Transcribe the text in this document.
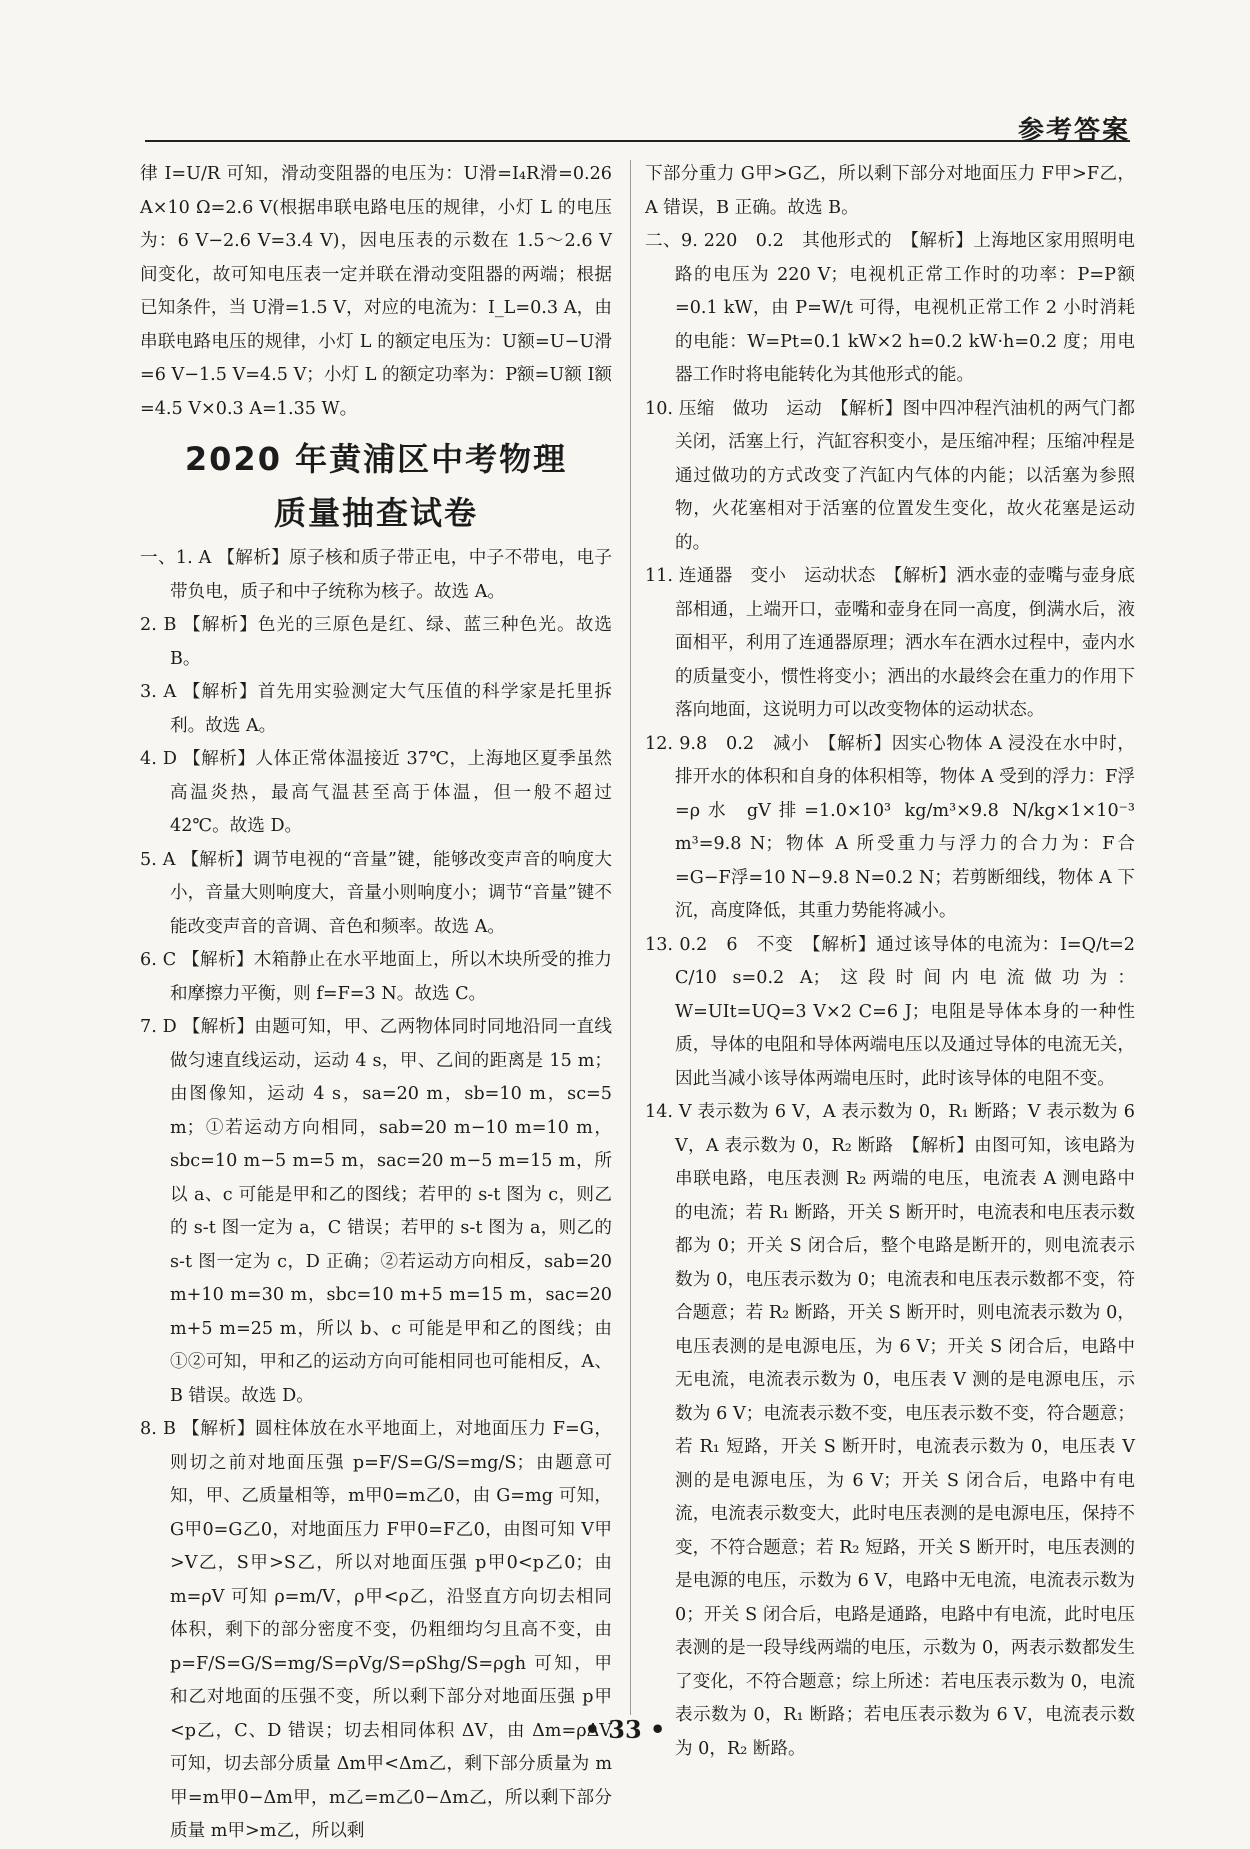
参考答案

律 I=U/R 可知，滑动变阻器的电压为：U滑=I₄R滑=0.26 A×10 Ω=2.6 V(根据串联电路电压的规律，小灯 L 的电压为：6 V−2.6 V=3.4 V)，因电压表的示数在 1.5～2.6 V 间变化，故可知电压表一定并联在滑动变阻器的两端；根据已知条件，当 U滑=1.5 V，对应的电流为：I_L=0.3 A，由串联电路电压的规律，小灯 L 的额定电压为：U额=U−U滑=6 V−1.5 V=4.5 V；小灯 L 的额定功率为：P额=U额 I额=4.5 V×0.3 A=1.35 W。

2020 年黄浦区中考物理
质量抽查试卷

一、1. A 【解析】原子核和质子带正电，中子不带电，电子带负电，质子和中子统称为核子。故选 A。

2. B 【解析】色光的三原色是红、绿、蓝三种色光。故选 B。

3. A 【解析】首先用实验测定大气压值的科学家是托里拆利。故选 A。

4. D 【解析】人体正常体温接近 37℃，上海地区夏季虽然高温炎热，最高气温甚至高于体温，但一般不超过 42℃。故选 D。

5. A 【解析】调节电视的“音量”键，能够改变声音的响度大小，音量大则响度大，音量小则响度小；调节“音量”键不能改变声音的音调、音色和频率。故选 A。

6. C 【解析】木箱静止在水平地面上，所以木块所受的推力和摩擦力平衡，则 f=F=3 N。故选 C。

7. D 【解析】由题可知，甲、乙两物体同时同地沿同一直线做匀速直线运动，运动 4 s，甲、乙间的距离是 15 m；由图像知，运动 4 s，sa=20 m，sb=10 m，sc=5 m；①若运动方向相同，sab=20 m−10 m=10 m，sbc=10 m−5 m=5 m，sac=20 m−5 m=15 m，所以 a、c 可能是甲和乙的图线；若甲的 s-t 图为 c，则乙的 s-t 图一定为 a，C 错误；若甲的 s-t 图为 a，则乙的 s-t 图一定为 c，D 正确；②若运动方向相反，sab=20 m+10 m=30 m，sbc=10 m+5 m=15 m，sac=20 m+5 m=25 m，所以 b、c 可能是甲和乙的图线；由①②可知，甲和乙的运动方向可能相同也可能相反，A、B 错误。故选 D。

8. B 【解析】圆柱体放在水平地面上，对地面压力 F=G，则切之前对地面压强 p=F/S=G/S=mg/S；由题意可知，甲、乙质量相等，m甲0=m乙0，由 G=mg 可知，G甲0=G乙0，对地面压力 F甲0=F乙0，由图可知 V甲>V乙，S甲>S乙，所以对地面压强 p甲0<p乙0；由 m=ρV 可知 ρ=m/V，ρ甲<ρ乙，沿竖直方向切去相同体积，剩下的部分密度不变，仍粗细均匀且高不变，由 p=F/S=G/S=mg/S=ρVg/S=ρShg/S=ρgh 可知，甲和乙对地面的压强不变，所以剩下部分对地面压强 p甲<p乙，C、D 错误；切去相同体积 ΔV，由 Δm=ρΔV 可知，切去部分质量 Δm甲<Δm乙，剩下部分质量为 m甲=m甲0−Δm甲，m乙=m乙0−Δm乙，所以剩下部分质量 m甲>m乙，所以剩

下部分重力 G甲>G乙，所以剩下部分对地面压力 F甲>F乙，A 错误，B 正确。故选 B。

二、9. 220　0.2　其他形式的　【解析】上海地区家用照明电路的电压为 220 V；电视机正常工作时的功率：P=P额=0.1 kW，由 P=W/t 可得，电视机正常工作 2 小时消耗的电能：W=Pt=0.1 kW×2 h=0.2 kW·h=0.2 度；用电器工作时将电能转化为其他形式的能。

10. 压缩　做功　运动　【解析】图中四冲程汽油机的两气门都关闭，活塞上行，汽缸容积变小，是压缩冲程；压缩冲程是通过做功的方式改变了汽缸内气体的内能；以活塞为参照物，火花塞相对于活塞的位置发生变化，故火花塞是运动的。

11. 连通器　变小　运动状态　【解析】洒水壶的壶嘴与壶身底部相通，上端开口，壶嘴和壶身在同一高度，倒满水后，液面相平，利用了连通器原理；洒水车在洒水过程中，壶内水的质量变小，惯性将变小；洒出的水最终会在重力的作用下落向地面，这说明力可以改变物体的运动状态。

12. 9.8　0.2　减小　【解析】因实心物体 A 浸没在水中时，排开水的体积和自身的体积相等，物体 A 受到的浮力：F浮=ρ水 gV排=1.0×10³ kg/m³×9.8 N/kg×1×10⁻³ m³=9.8 N；物体 A 所受重力与浮力的合力为：F合=G−F浮=10 N−9.8 N=0.2 N；若剪断细线，物体 A 下沉，高度降低，其重力势能将减小。

13. 0.2　6　不变　【解析】通过该导体的电流为：I=Q/t=2 C/10 s=0.2 A；这段时间内电流做功为：W=UIt=UQ=3 V×2 C=6 J；电阻是导体本身的一种性质，导体的电阻和导体两端电压以及通过导体的电流无关，因此当减小该导体两端电压时，此时该导体的电阻不变。

14. V 表示数为 6 V，A 表示数为 0，R₁ 断路；V 表示数为 6 V，A 表示数为 0，R₂ 断路　【解析】由图可知，该电路为串联电路，电压表测 R₂ 两端的电压，电流表 A 测电路中的电流；若 R₁ 断路，开关 S 断开时，电流表和电压表示数都为 0；开关 S 闭合后，整个电路是断开的，则电流表示数为 0，电压表示数为 0；电流表和电压表示数都不变，符合题意；若 R₂ 断路，开关 S 断开时，则电流表示数为 0，电压表测的是电源电压，为 6 V；开关 S 闭合后，电路中无电流，电流表示数为 0，电压表 V 测的是电源电压，示数为 6 V；电流表示数不变，电压表示数不变，符合题意；若 R₁ 短路，开关 S 断开时，电流表示数为 0，电压表 V 测的是电源电压，为 6 V；开关 S 闭合后，电路中有电流，电流表示数变大，此时电压表测的是电源电压，保持不变，不符合题意；若 R₂ 短路，开关 S 断开时，电压表测的是电源的电压，示数为 6 V，电路中无电流，电流表示数为 0；开关 S 闭合后，电路是通路，电路中有电流，此时电压表测的是一段导线两端的电压，示数为 0，两表示数都发生了变化，不符合题意；综上所述：若电压表示数为 0，电流表示数为 0，R₁ 断路；若电压表示数为 6 V，电流表示数为 0，R₂ 断路。

• 33 •
